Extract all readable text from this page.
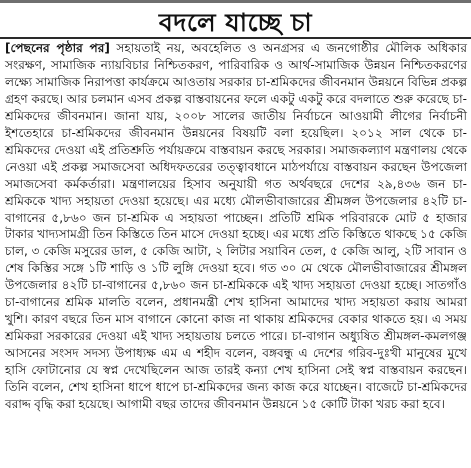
বদলে যাচ্ছে চা

[পেছনের পৃষ্ঠার পর] সহায়তাই নয়, অবহেলিত ও অনগ্রসর এ জনগোষ্ঠীর মৌলিক অধিকার সংরক্ষণ, সামাজিক ন্যায়বিচার নিশ্চিতকরণ, পারিবারিক ও আর্থ-সামাজিক উন্নয়ন নিশ্চিতকরণের লক্ষ্যে সামাজিক নিরাপত্তা কার্যক্রমে আওতায় সরকার চা-শ্রমিকদের জীবনমান উন্নয়নে বিভিন্ন প্রকল্প গ্রহণ করছে। আর চলমান এসব প্রকল্প বাস্তবায়নের ফলে একটু একটু করে বদলাতে শুরু করেছে চা-শ্রমিকদের জীবনমান। জানা যায়, ২০০৮ সালের জাতীয় নির্বাচনে আওয়ামী লীগের নির্বাচনী ইশতেহারে চা-শ্রমিকদের জীবনমান উন্নয়নের বিষয়টি বলা হয়েছিল। ২০১২ সাল থেকে চা-শ্রমিকদের দেওয়া এই প্রতিশ্রুতি পর্যায়ক্রমে বাস্তবায়ন করছে সরকার। সমাজকল্যাণ মন্ত্রণালয় থেকে নেওয়া এই প্রকল্প সমাজসেবা অধিদফতরের তত্ত্বাবধানে মাঠপর্যায়ে বাস্তবায়ন করছেন উপজেলা সমাজসেবা কর্মকর্তারা। মন্ত্রণালয়ের হিসাব অনুযায়ী গত অর্থবছরে দেশের ২৯,৪৩৬ জন চা-শ্রমিককে খাদ্য সহায়তা দেওয়া হয়েছে। এর মধ্যে মৌলভীবাজারের শ্রীমঙ্গল উপজেলার ৪২টি চা-বাগানের ৫,৮৬০ জন চা-শ্রমিক এ সহায়তা পাচ্ছেন। প্রতিটি শ্রমিক পরিবারকে মোট ৫ হাজার টাকার খাদ্যসামগ্রী তিন কিস্তিতে তিন মাসে দেওয়া হচ্ছে। এর মধ্যে প্রতি কিস্তিতে থাকছে ১৫ কেজি চাল, ৩ কেজি মসুরের ডাল, ৫ কেজি আটা, ২ লিটার সয়াবিন তেল, ৫ কেজি আলু, ২টি সাবান ও শেষ কিস্তির সঙ্গে ১টি শাড়ি ও ১টি লুঙ্গি দেওয়া হবে। গত ৩০ মে থেকে মৌলভীবাজারের শ্রীমঙ্গল উপজেলার ৪২টি চা-বাগানের ৫,৮৬০ জন চা-শ্রমিককে এই খাদ্য সহায়তা দেওয়া হচ্ছে। সাতগাঁও চা-বাগানের শ্রমিক মালতি বলেন, প্রধানমন্ত্রী শেখ হাসিনা আমাদের খাদ্য সহায়তা করায় আমরা খুশি। কারণ বছরে তিন মাস বাগানে কোনো কাজ না থাকায় শ্রমিকদের বেকার থাকতে হয়। এ সময় শ্রমিকরা সরকারের দেওয়া এই খাদ্য সহায়তায় চলতে পারে। চা-বাগান অধ্যুষিত শ্রীমঙ্গল-কমলগঞ্জ আসনের সংসদ সদস্য উপাধ্যক্ষ এম এ শহীদ বলেন, বঙ্গবন্ধু এ দেশের গরিব-দুঃখী মানুষের মুখে হাসি ফোটানোর যে স্বপ্ন দেখেছিলেন আজ তারই কন্যা শেখ হাসিনা সেই স্বপ্ন বাস্তবায়ন করছেন। তিনি বলেন, শেখ হাসিনা ধাপে ধাপে চা-শ্রমিকদের জন্য কাজ করে যাচ্ছেন। বাজেটে চা-শ্রমিকদের বরাদ্দ বৃদ্ধি করা হয়েছে। আগামী বছর তাদের জীবনমান উন্নয়নে ১৫ কোটি টাকা খরচ করা হবে।
